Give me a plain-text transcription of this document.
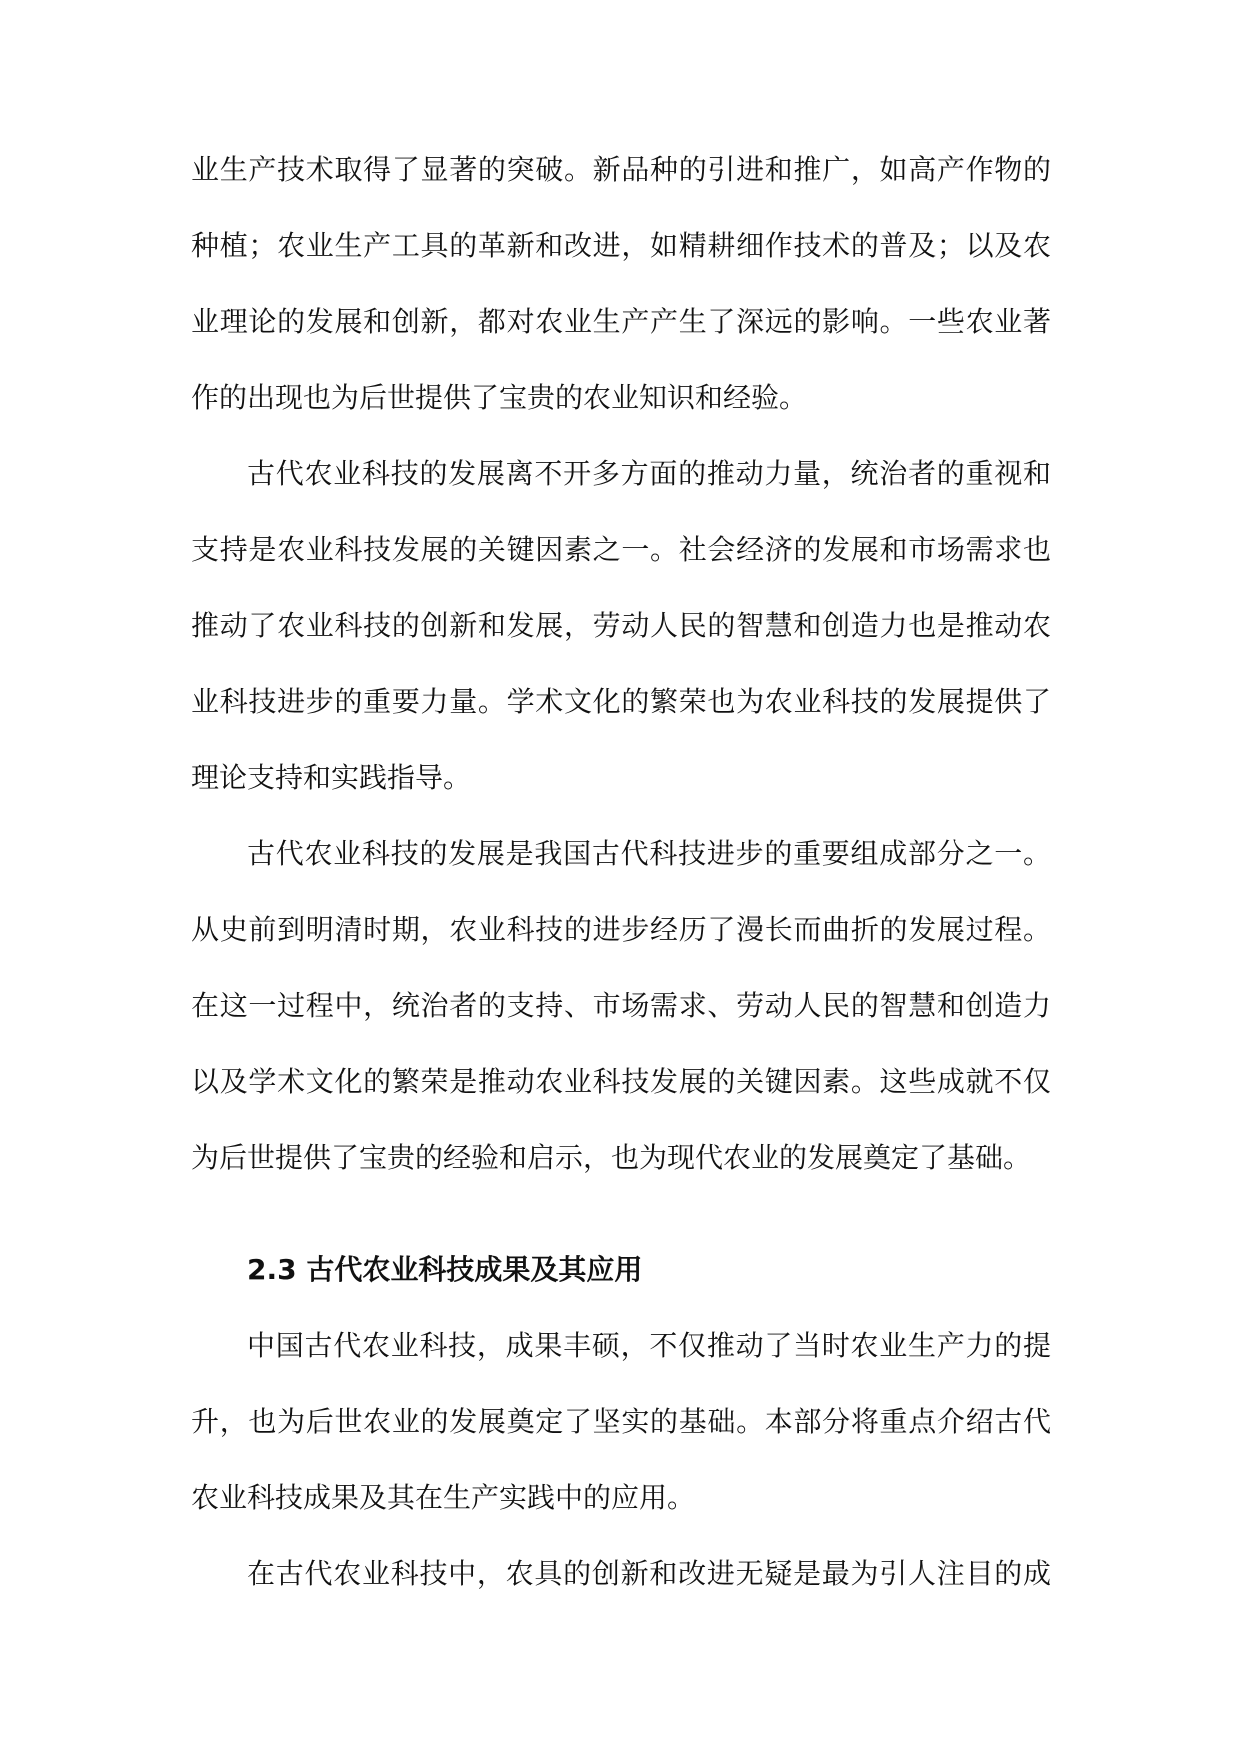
业生产技术取得了显著的突破。新品种的引进和推广，如高产作物的
种植；农业生产工具的革新和改进，如精耕细作技术的普及；以及农
业理论的发展和创新，都对农业生产产生了深远的影响。一些农业著
作的出现也为后世提供了宝贵的农业知识和经验。
古代农业科技的发展离不开多方面的推动力量，统治者的重视和
支持是农业科技发展的关键因素之一。社会经济的发展和市场需求也
推动了农业科技的创新和发展，劳动人民的智慧和创造力也是推动农
业科技进步的重要力量。学术文化的繁荣也为农业科技的发展提供了
理论支持和实践指导。
古代农业科技的发展是我国古代科技进步的重要组成部分之一。
从史前到明清时期，农业科技的进步经历了漫长而曲折的发展过程。
在这一过程中，统治者的支持、市场需求、劳动人民的智慧和创造力
以及学术文化的繁荣是推动农业科技发展的关键因素。这些成就不仅
为后世提供了宝贵的经验和启示，也为现代农业的发展奠定了基础。
2.3 古代农业科技成果及其应用
中国古代农业科技，成果丰硕，不仅推动了当时农业生产力的提
升，也为后世农业的发展奠定了坚实的基础。本部分将重点介绍古代
农业科技成果及其在生产实践中的应用。
在古代农业科技中，农具的创新和改进无疑是最为引人注目的成
